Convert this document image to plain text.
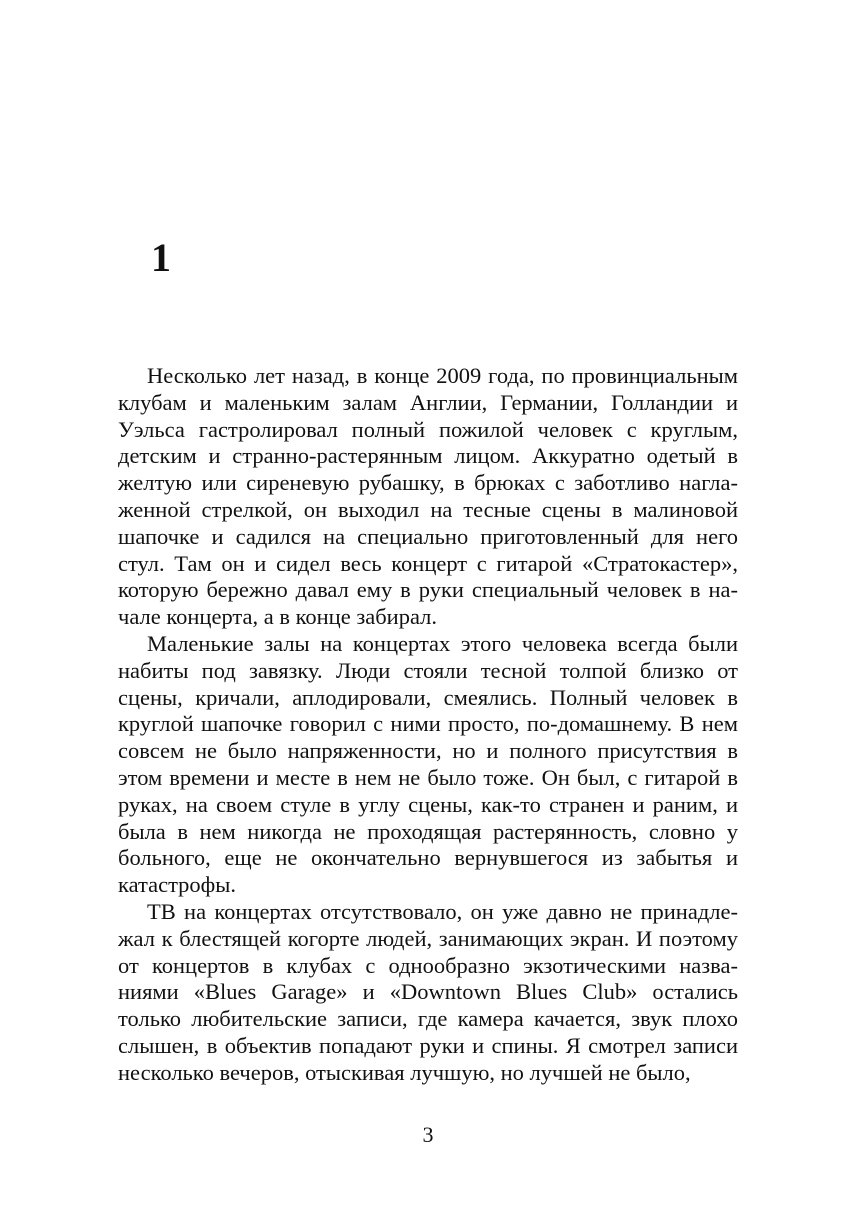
1

Несколько лет назад, в конце 2009 года, по провинциальным клубам и маленьким залам Англии, Германии, Голландии и Уэльса гастролировал полный пожилой человек с круглым, детским и странно-растерянным лицом. Аккуратно одетый в желтую или сиреневую рубашку, в брюках с заботливо наглаженной стрелкой, он выходил на тесные сцены в малиновой шапочке и садился на специально приготовленный для него стул. Там он и сидел весь концерт с гитарой «Стратокастер», которую бережно давал ему в руки специальный человек в начале концерта, а в конце забирал.

Маленькие залы на концертах этого человека всегда были набиты под завязку. Люди стояли тесной толпой близко от сцены, кричали, аплодировали, смеялись. Полный человек в круглой шапочке говорил с ними просто, по-домашнему. В нем совсем не было напряженности, но и полного присутствия в этом времени и месте в нем не было тоже. Он был, с гитарой в руках, на своем стуле в углу сцены, как-то странен и раним, и была в нем никогда не проходящая растерянность, словно у больного, еще не окончательно вернувшегося из забытья и катастрофы.

ТВ на концертах отсутствовало, он уже давно не принадлежал к блестящей когорте людей, занимающих экран. И поэтому от концертов в клубах с однообразно экзотическими названиями «Blues Garage» и «Downtown Blues Club» остались только любительские записи, где камера качается, звук плохо слышен, в объектив попадают руки и спины. Я смотрел записи несколько вечеров, отыскивая лучшую, но лучшей не было,

3
